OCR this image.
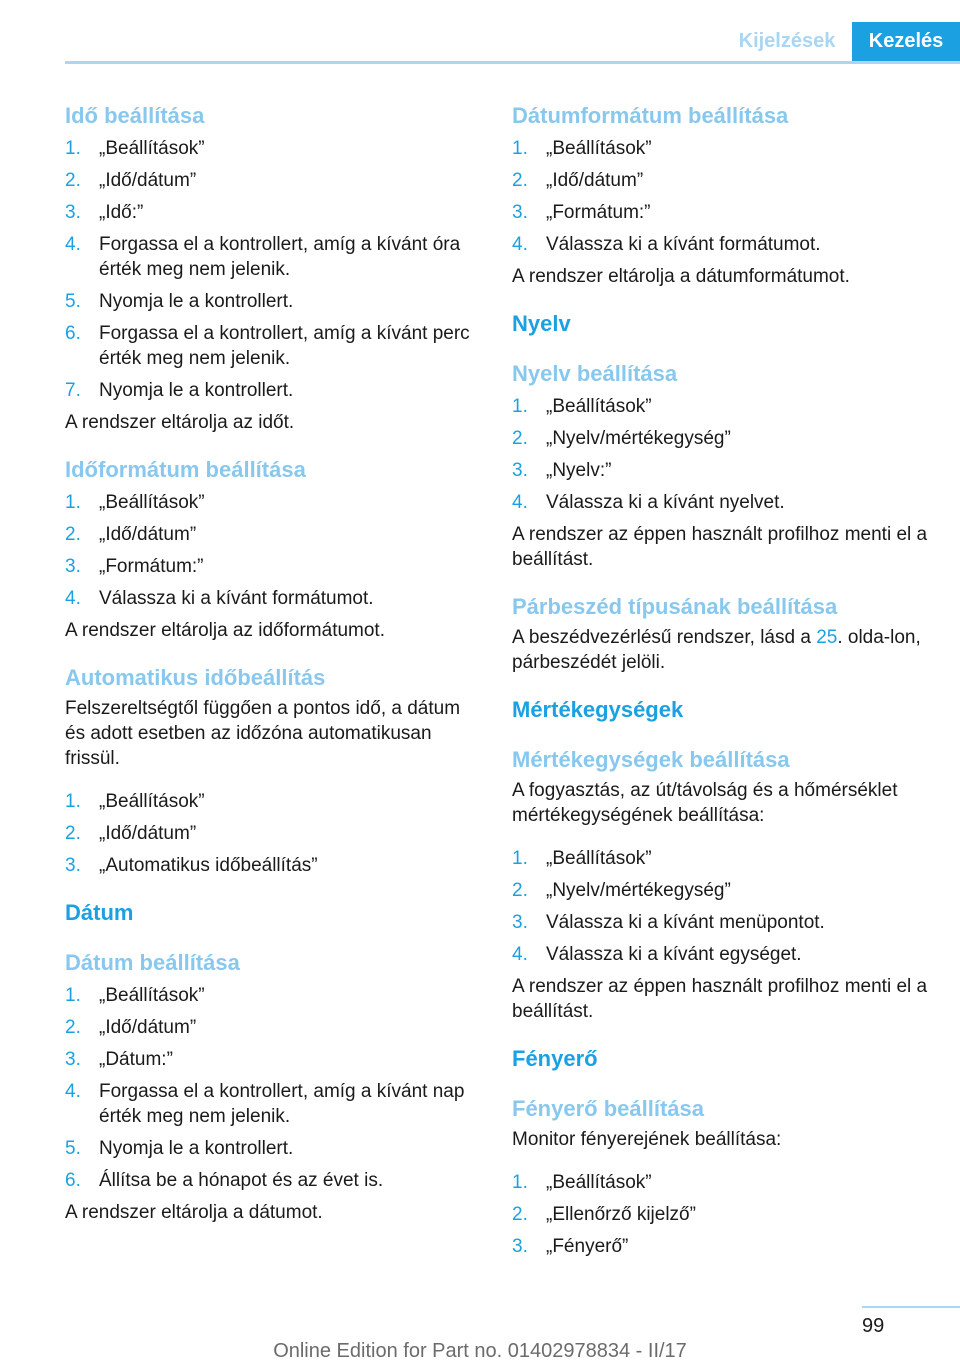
Kijelzések	Kezelés
Idő beállítása
1. „Beállítások”
2. „Idő/dátum”
3. „Idő:”
4. Forgassa el a kontrollert, amíg a kívánt óra érték meg nem jelenik.
5. Nyomja le a kontrollert.
6. Forgassa el a kontrollert, amíg a kívánt perc érték meg nem jelenik.
7. Nyomja le a kontrollert.

A rendszer eltárolja az időt.

Időformátum beállítása
1. „Beállítások”
2. „Idő/dátum”
3. „Formátum:”
4. Válassza ki a kívánt formátumot.

A rendszer eltárolja az időformátumot.

Automatikus időbeállítás

Felszereltségtől függően a pontos idő, a dátum és adott esetben az időzóna automatikusan frissül.

1. „Beállítások”
2. „Idő/dátum”
3. „Automatikus időbeállítás”
Dátum
Dátum beállítása
1. „Beállítások”
2. „Idő/dátum”
3. „Dátum:”
4. Forgassa el a kontrollert, amíg a kívánt nap érték meg nem jelenik.
5. Nyomja le a kontrollert.
6. Állítsa be a hónapot és az évet is.

A rendszer eltárolja a dátumot.

Dátumformátum beállítása
1. „Beállítások”
2. „Idő/dátum”
3. „Formátum:”
4. Válassza ki a kívánt formátumot.

A rendszer eltárolja a dátumformátumot.

Nyelv
Nyelv beállítása
1. „Beállítások”
2. „Nyelv/mértékegység”
3. „Nyelv:”
4. Válassza ki a kívánt nyelvet.

A rendszer az éppen használt profilhoz menti el a beállítást.

Párbeszéd típusának beállítása

A beszédvezérlésű rendszer, lásd a 25. olda-lon, párbeszédét jelöli.

Mértékegységek
Mértékegységek beállítása

A fogyasztás, az út/távolság és a hőmérséklet mértékegységének beállítása:

1. „Beállítások”
2. „Nyelv/mértékegység”
3. Válassza ki a kívánt menüpontot.
4. Válassza ki a kívánt egységet.

A rendszer az éppen használt profilhoz menti el a beállítást.

Fényerő
Fényerő beállítása

Monitor fényerejének beállítása:

1. „Beállítások”
2. „Ellenőrző kijelző”
3. „Fényerő”
99
Online Edition for Part no. 01402978834 - II/17
